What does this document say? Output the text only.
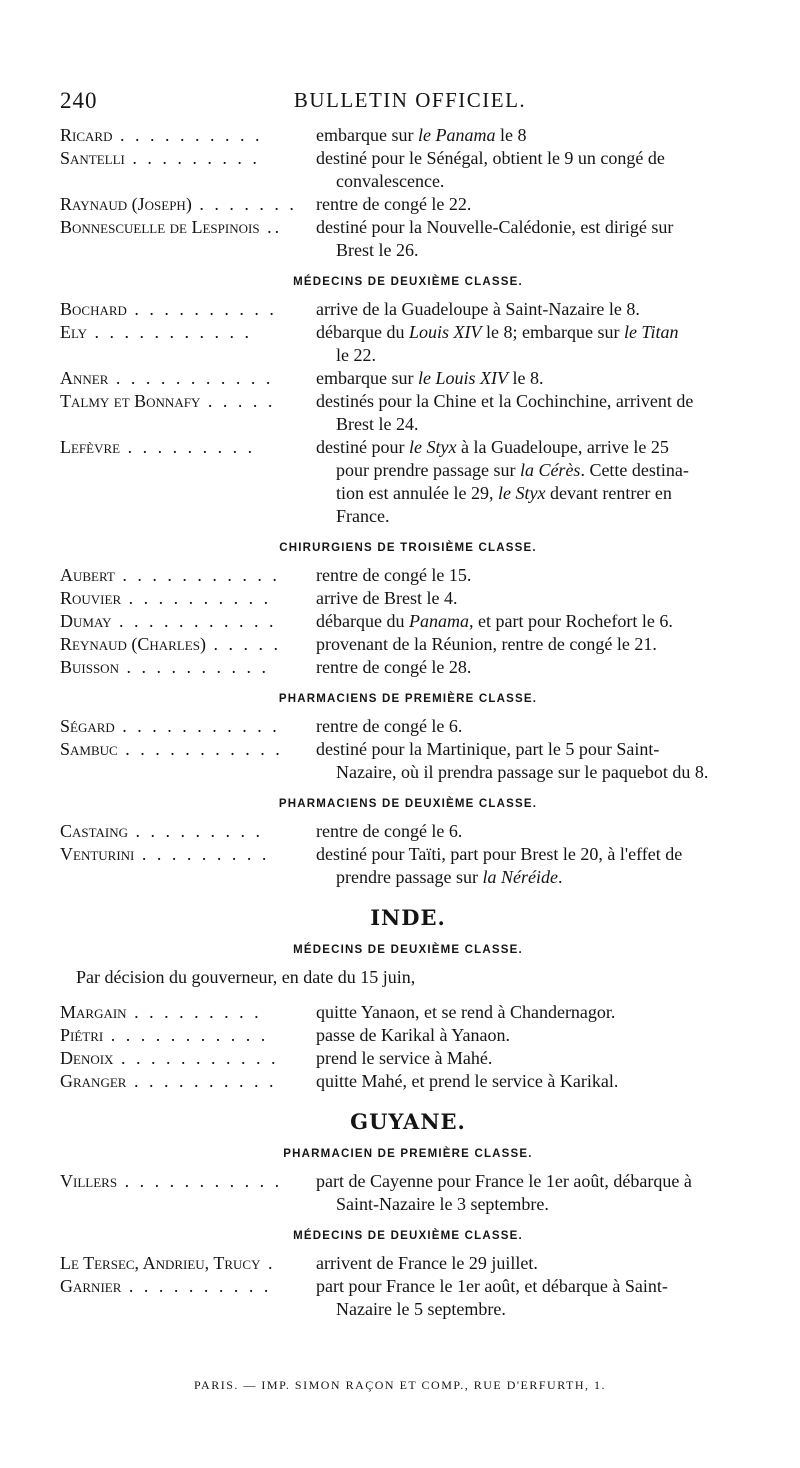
240	BULLETIN OFFICIEL.
Ricard . . . . . . . . . .	embarque sur le Panama le 8
Santelli . . . . . . . . .	destiné pour le Sénégal, obtient le 9 un congé de
convalescence.
Raynaud (Joseph) . . . . . . .	rentre de congé le 22.
Bonnescuelle de Lespinois ..	destiné pour la Nouvelle-Calédonie, est dirigé sur
Brest le 26.
MÉDECINS DE DEUXIÈME CLASSE.
Bochard . . . . . . . . . .	arrive de la Guadeloupe à Saint-Nazaire le 8.
Ely . . . . . . . . . . .	débarque du Louis XIV le 8; embarque sur le Titan
le 22.
Anner . . . . . . . . . . .	embarque sur le Louis XIV le 8.
Talmy et Bonnafy . . . . .	destinés pour la Chine et la Cochinchine, arrivent de
Brest le 24.
Lefèvre . . . . . . . . .	destiné pour le Styx à la Guadeloupe, arrive le 25
pour prendre passage sur la Cérès. Cette destina-
tion est annulée le 29, le Styx devant rentrer en
France.
CHIRURGIENS DE TROISIÈME CLASSE.
Aubert . . . . . . . . . . .	rentre de congé le 15.
Rouvier . . . . . . . . . .	arrive de Brest le 4.
Dumay . . . . . . . . . . .	débarque du Panama, et part pour Rochefort le 6.
Reynaud (Charles) . . . . .	provenant de la Réunion, rentre de congé le 21.
Buisson . . . . . . . . . .	rentre de congé le 28.
PHARMACIENS DE PREMIÈRE CLASSE.
Ségard . . . . . . . . . . .	rentre de congé le 6.
Sambuc . . . . . . . . . . .	destiné pour la Martinique, part le 5 pour Saint-
Nazaire, où il prendra passage sur le paquebot du 8.
PHARMACIENS DE DEUXIÈME CLASSE.
Castaing . . . . . . . . .	rentre de congé le 6.
Venturini . . . . . . . . .	destiné pour Taïti, part pour Brest le 20, à l'effet de
prendre passage sur la Néréide.
INDE.
MÉDECINS DE DEUXIÈME CLASSE.
Par décision du gouverneur, en date du 15 juin,
Margain . . . . . . . . .	quitte Yanaon, et se rend à Chandernagor.
Piétri . . . . . . . . . . .	passe de Karikal à Yanaon.
Denoix . . . . . . . . . . .	prend le service à Mahé.
Granger . . . . . . . . . .	quitte Mahé, et prend le service à Karikal.
GUYANE.
PHARMACIEN DE PREMIÈRE CLASSE.
Villers . . . . . . . . . . .	part de Cayenne pour France le 1er août, débarque à
Saint-Nazaire le 3 septembre.
MÉDECINS DE DEUXIÈME CLASSE.
Le Tersec, Andrieu, Trucy .	arrivent de France le 29 juillet.
Garnier . . . . . . . . . .	part pour France le 1er août, et débarque à Saint-
Nazaire le 5 septembre.
PARIS. — IMP. SIMON RAÇON ET COMP., RUE D'ERFURTH, 1.
